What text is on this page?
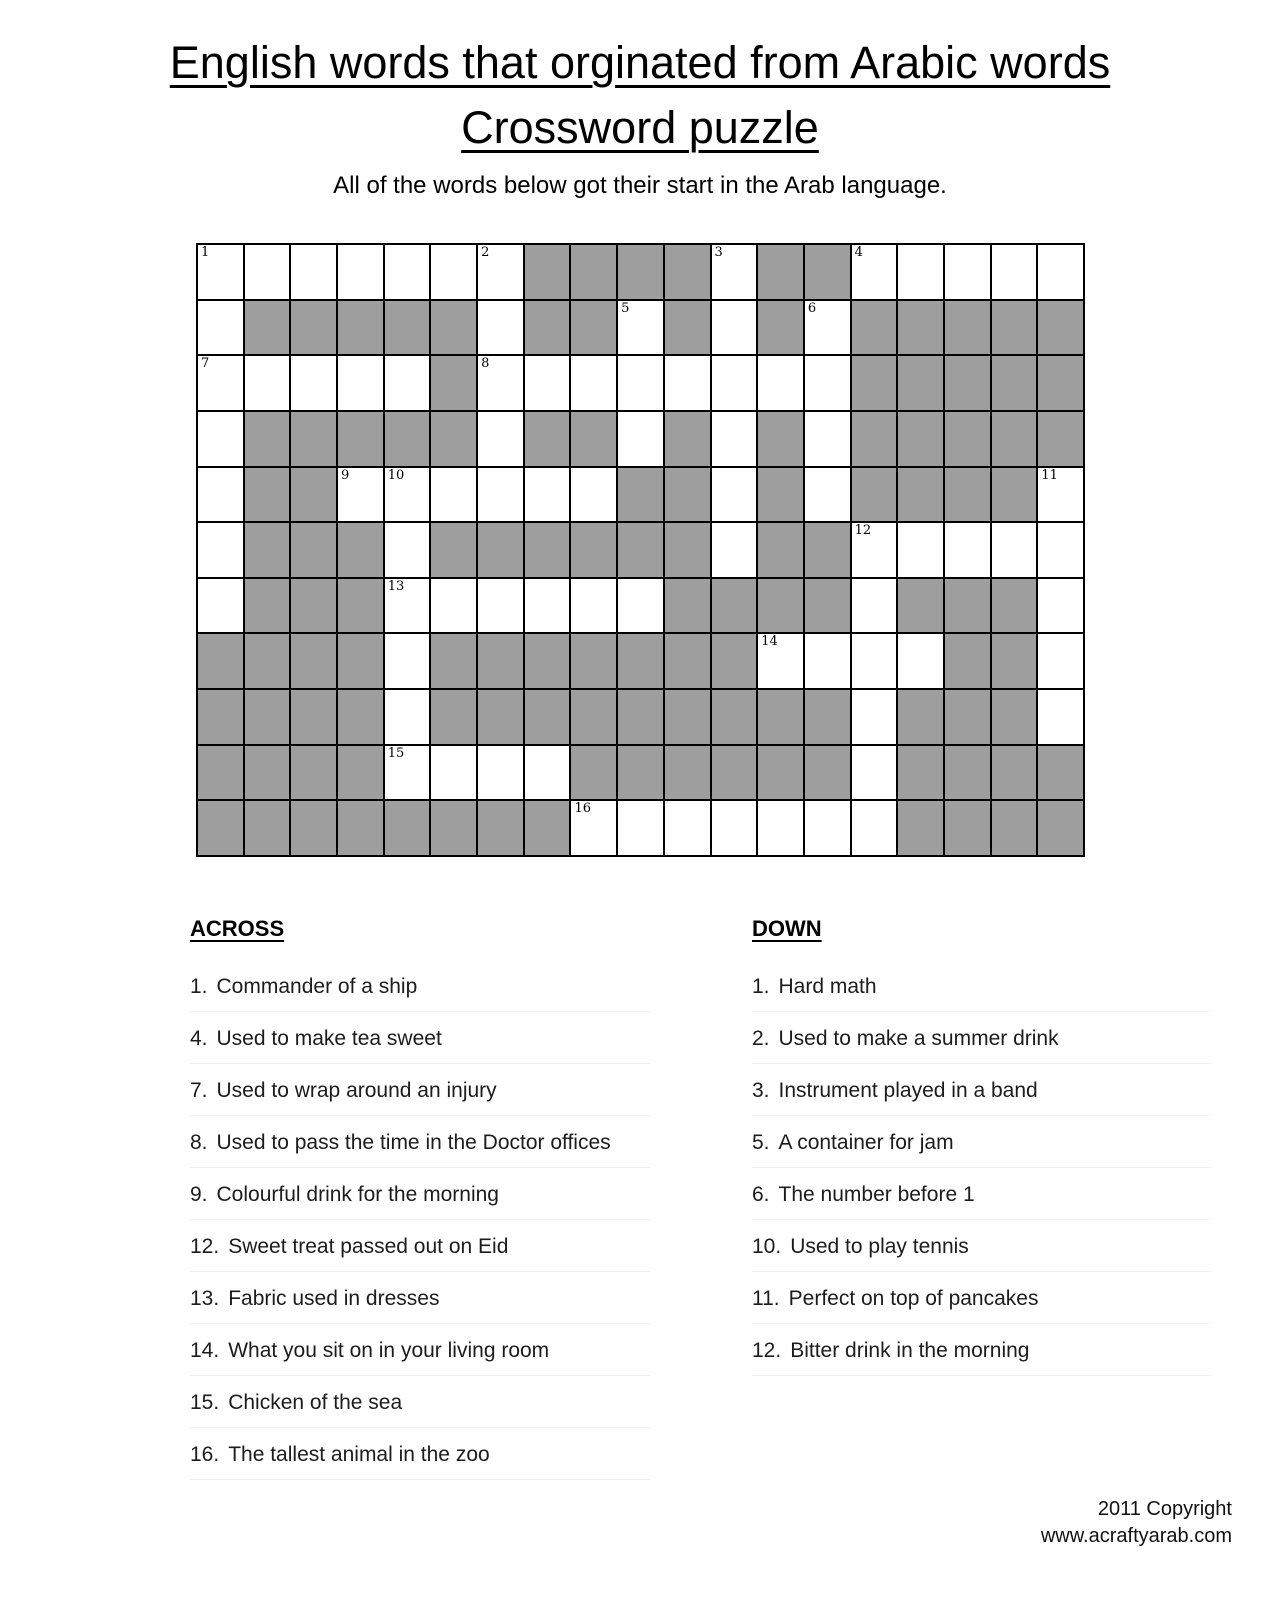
English words that orginated from Arabic words
Crossword puzzle

All of the words below got their start in the Arab language.

1	2	3	4
5	6
7	8
9	10	11
12
13
14
15
16
ACROSS
1. Commander of a ship
4. Used to make tea sweet
7. Used to wrap around an injury
8. Used to pass the time in the Doctor offices
9. Colourful drink for the morning
12. Sweet treat passed out on Eid
13. Fabric used in dresses
14. What you sit on in your living room
15. Chicken of the sea
16. The tallest animal in the zoo
DOWN
1. Hard math
2. Used to make a summer drink
3. Instrument played in a band
5. A container for jam
6. The number before 1
10. Used to play tennis
11. Perfect on top of pancakes
12. Bitter drink in the morning
2011 Copyright
www.acraftyarab.com
